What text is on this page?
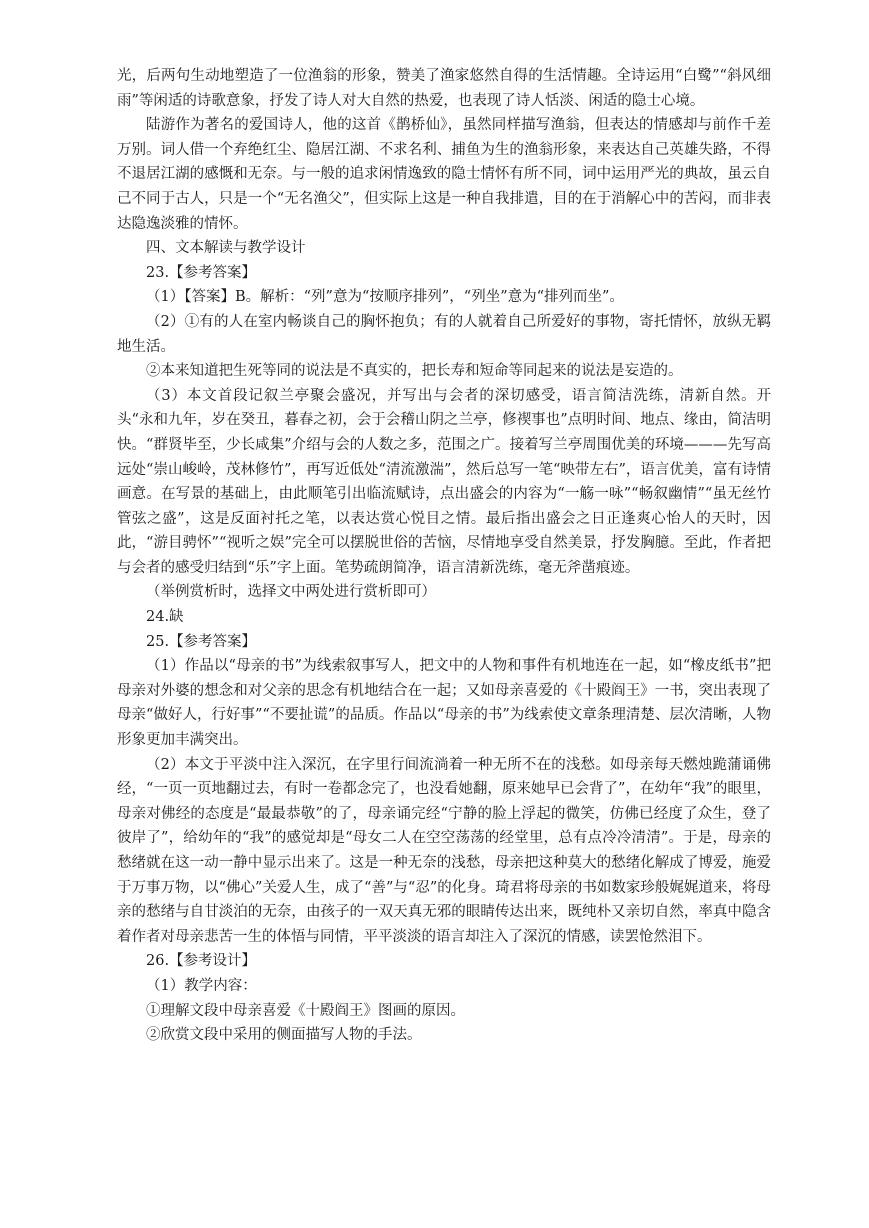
光，后两句生动地塑造了一位渔翁的形象，赞美了渔家悠然自得的生活情趣。全诗运用“白鹭”“斜风细雨”等闲适的诗歌意象，抒发了诗人对大自然的热爱，也表现了诗人恬淡、闲适的隐士心境。

陆游作为著名的爱国诗人，他的这首《鹊桥仙》，虽然同样描写渔翁，但表达的情感却与前作千差万别。词人借一个弃绝红尘、隐居江湖、不求名利、捕鱼为生的渔翁形象，来表达自己英雄失路，不得不退居江湖的感慨和无奈。与一般的追求闲情逸致的隐士情怀有所不同，词中运用严光的典故，虽云自己不同于古人，只是一个“无名渔父”，但实际上这是一种自我排遣，目的在于消解心中的苦闷，而非表达隐逸淡雅的情怀。

四、文本解读与教学设计

23.【参考答案】

（1）【答案】B。解析：“列”意为“按顺序排列”，“列坐”意为“排列而坐”。

（2）①有的人在室内畅谈自己的胸怀抱负；有的人就着自己所爱好的事物，寄托情怀，放纵无羁地生活。

②本来知道把生死等同的说法是不真实的，把长寿和短命等同起来的说法是妄造的。

（3）本文首段记叙兰亭聚会盛况，并写出与会者的深切感受，语言简洁洗练，清新自然。开头“永和九年，岁在癸丑，暮春之初，会于会稽山阴之兰亭，修禊事也”点明时间、地点、缘由，简洁明快。“群贤毕至，少长咸集”介绍与会的人数之多，范围之广。接着写兰亭周围优美的环境———先写高远处“崇山峻岭，茂林修竹”，再写近低处“清流激湍”，然后总写一笔“映带左右”，语言优美，富有诗情画意。在写景的基础上，由此顺笔引出临流赋诗，点出盛会的内容为“一觞一咏”“畅叙幽情”“虽无丝竹管弦之盛”，这是反面衬托之笔，以表达赏心悦目之情。最后指出盛会之日正逢爽心怡人的天时，因此，“游目骋怀”“视听之娱”完全可以摆脱世俗的苦恼，尽情地享受自然美景，抒发胸臆。至此，作者把与会者的感受归结到“乐”字上面。笔势疏朗简净，语言清新洗练，毫无斧凿痕迹。

（举例赏析时，选择文中两处进行赏析即可）

24.缺

25.【参考答案】

（1）作品以“母亲的书”为线索叙事写人，把文中的人物和事件有机地连在一起，如“橡皮纸书”把母亲对外婆的想念和对父亲的思念有机地结合在一起；又如母亲喜爱的《十殿阎王》一书，突出表现了母亲“做好人，行好事”“不要扯谎”的品质。作品以“母亲的书”为线索使文章条理清楚、层次清晰，人物形象更加丰满突出。

（2）本文于平淡中注入深沉，在字里行间流淌着一种无所不在的浅愁。如母亲每天燃烛跪蒲诵佛经，“一页一页地翻过去，有时一卷都念完了，也没看她翻，原来她早已会背了”，在幼年“我”的眼里，母亲对佛经的态度是“最最恭敬”的了，母亲诵完经“宁静的脸上浮起的微笑，仿佛已经度了众生，登了彼岸了”，给幼年的“我”的感觉却是“母女二人在空空荡荡的经堂里，总有点冷冷清清”。于是，母亲的愁绪就在这一动一静中显示出来了。这是一种无奈的浅愁，母亲把这种莫大的愁绪化解成了博爱，施爱于万事万物，以“佛心”关爱人生，成了“善”与“忍”的化身。琦君将母亲的书如数家珍般娓娓道来，将母亲的愁绪与自甘淡泊的无奈，由孩子的一双天真无邪的眼睛传达出来，既纯朴又亲切自然，率真中隐含着作者对母亲悲苦一生的体悟与同情，平平淡淡的语言却注入了深沉的情感，读罢怆然泪下。

26.【参考设计】

（1）教学内容：

①理解文段中母亲喜爱《十殿阎王》图画的原因。

②欣赏文段中采用的侧面描写人物的手法。
